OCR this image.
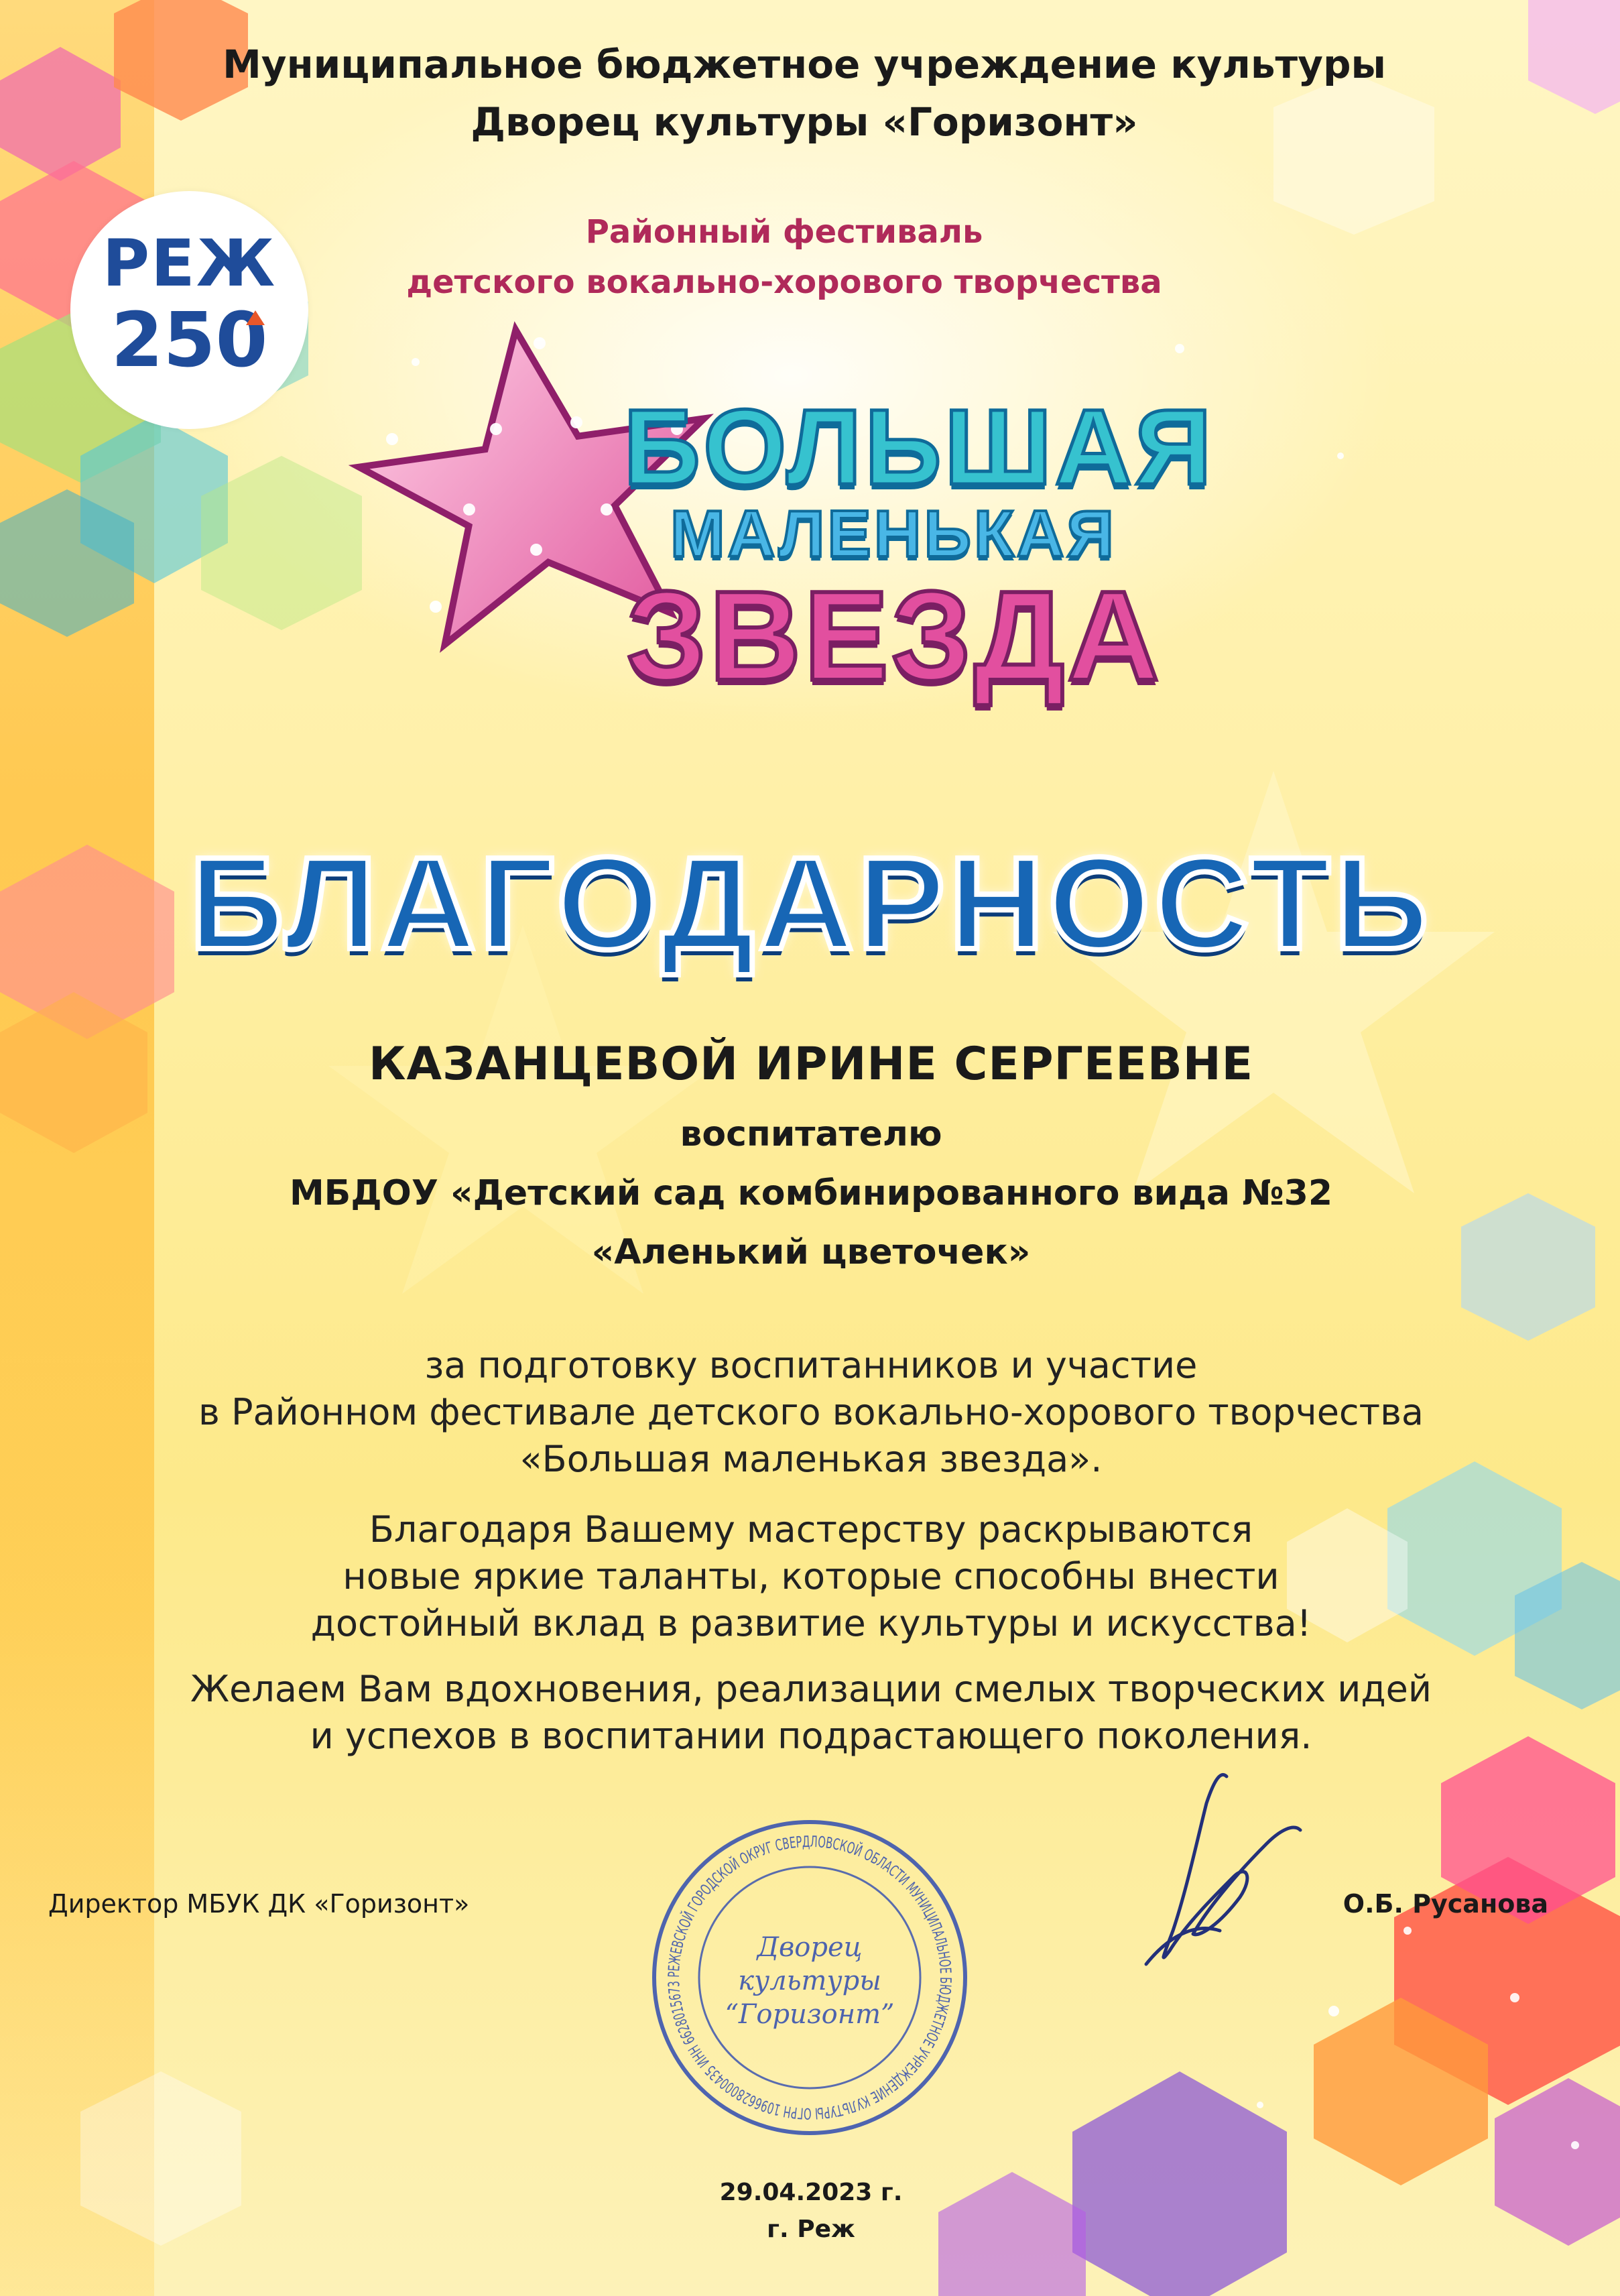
Муниципальное бюджетное учреждение культуры
Дворец культуры «Горизонт»
РЕЖ
250
Районный фестиваль
детского вокально-хорового творчества
БОЛЬШАЯ
МАЛЕНЬКАЯ
ЗВЕЗДА
БЛАГОДАРНОСТЬ
КАЗАНЦЕВОЙ ИРИНЕ СЕРГЕЕВНЕ
воспитателю
МБДОУ «Детский сад комбинированного вида №32
«Аленький цветочек»
за подготовку воспитанников и участие
в Районном фестивале детского вокально-хорового творчества
«Большая маленькая звезда».
Благодаря Вашему мастерству раскрываются
новые яркие таланты, которые способны внести
достойный вклад в развитие культуры и искусства!
Желаем Вам вдохновения, реализации смелых творческих идей
и успехов в воспитании подрастающего поколения.
Директор МБУК ДК «Горизонт»	О.Б. Русанова
РЕЖЕВСКОЙ ГОРОДСКОЙ ОКРУГ СВЕРДЛОВСКОЙ ОБЛАСТИ МУНИЦИПАЛЬНОЕ БЮДЖЕТНОЕ УЧРЕЖДЕНИЕ КУЛЬТУРЫ ОГРН 1096628000435 ИНН 6628015673
Дворец
культуры
“Горизонт”
29.04.2023 г.
г. Реж
